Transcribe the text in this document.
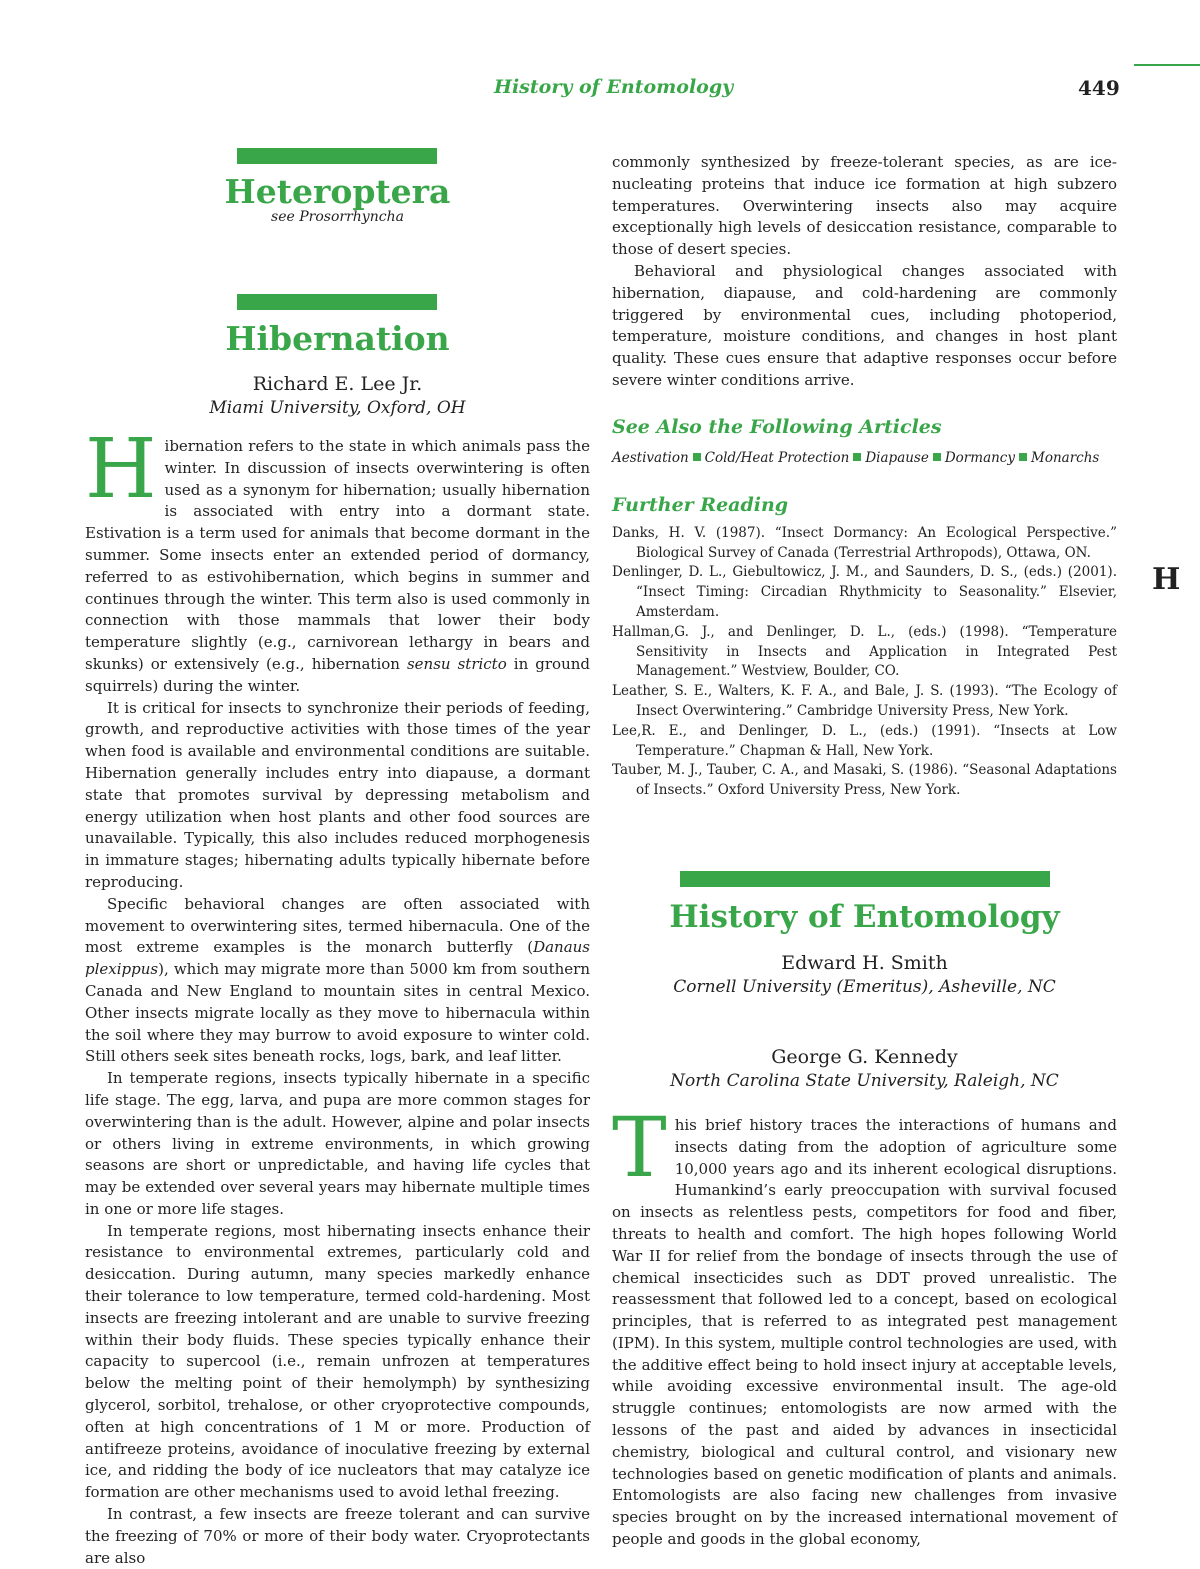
History of Entomology	449
H
Heteroptera
see Prosorrhyncha
Hibernation
Richard E. Lee Jr.
Miami University, Oxford, OH

Hibernation refers to the state in which animals pass the winter. In discussion of insects overwintering is often used as a synonym for hibernation; usually hibernation is associated with entry into a dormant state. Estivation is a term used for animals that become dormant in the summer. Some insects enter an extended period of dormancy, referred to as estivohibernation, which begins in summer and continues through the winter. This term also is used commonly in connection with those mammals that lower their body temperature slightly (e.g., carnivorean lethargy in bears and skunks) or extensively (e.g., hibernation sensu stricto in ground squirrels) during the winter.

It is critical for insects to synchronize their periods of feeding, growth, and reproductive activities with those times of the year when food is available and environmental conditions are suitable. Hibernation generally includes entry into diapause, a dormant state that promotes survival by depressing metabolism and energy utilization when host plants and other food sources are unavailable. Typically, this also includes reduced morphogenesis in immature stages; hibernating adults typically hibernate before reproducing.

Specific behavioral changes are often associated with movement to overwintering sites, termed hibernacula. One of the most extreme examples is the monarch butterfly (Danaus plexippus), which may migrate more than 5000 km from southern Canada and New England to mountain sites in central Mexico. Other insects migrate locally as they move to hibernacula within the soil where they may burrow to avoid exposure to winter cold. Still others seek sites beneath rocks, logs, bark, and leaf litter.

In temperate regions, insects typically hibernate in a specific life stage. The egg, larva, and pupa are more common stages for overwintering than is the adult. However, alpine and polar insects or others living in extreme environments, in which growing seasons are short or unpredictable, and having life cycles that may be extended over several years may hibernate multiple times in one or more life stages.

In temperate regions, most hibernating insects enhance their resistance to environmental extremes, particularly cold and desiccation. During autumn, many species markedly enhance their tolerance to low temperature, termed cold-hardening. Most insects are freezing intolerant and are unable to survive freezing within their body fluids. These species typically enhance their capacity to supercool (i.e., remain unfrozen at temperatures below the melting point of their hemolymph) by synthesizing glycerol, sorbitol, trehalose, or other cryoprotective compounds, often at high concentrations of 1 M or more. Production of antifreeze proteins, avoidance of inoculative freezing by external ice, and ridding the body of ice nucleators that may catalyze ice formation are other mechanisms used to avoid lethal freezing.

In contrast, a few insects are freeze tolerant and can survive the freezing of 70% or more of their body water. Cryoprotectants are also

commonly synthesized by freeze-tolerant species, as are ice-nucleating proteins that induce ice formation at high subzero temperatures. Overwintering insects also may acquire exceptionally high levels of desiccation resistance, comparable to those of desert species.

Behavioral and physiological changes associated with hibernation, diapause, and cold-hardening are commonly triggered by environmental cues, including photoperiod, temperature, moisture conditions, and changes in host plant quality. These cues ensure that adaptive responses occur before severe winter conditions arrive.

See Also the Following Articles
Aestivation Cold/Heat Protection Diapause Dormancy Monarchs
Further Reading

Danks, H. V. (1987). “Insect Dormancy: An Ecological Perspective.” Biological Survey of Canada (Terrestrial Arthropods), Ottawa, ON.

Denlinger, D. L., Giebultowicz, J. M., and Saunders, D. S., (eds.) (2001). “Insect Timing: Circadian Rhythmicity to Seasonality.” Elsevier, Amsterdam.

Hallman,G. J., and Denlinger, D. L., (eds.) (1998). “Temperature Sensitivity in Insects and Application in Integrated Pest Management.” Westview, Boulder, CO.

Leather, S. E., Walters, K. F. A., and Bale, J. S. (1993). “The Ecology of Insect Overwintering.” Cambridge University Press, New York.

Lee,R. E., and Denlinger, D. L., (eds.) (1991). “Insects at Low Temperature.” Chapman & Hall, New York.

Tauber, M. J., Tauber, C. A., and Masaki, S. (1986). “Seasonal Adaptations of Insects.” Oxford University Press, New York.

History of Entomology
Edward H. Smith
Cornell University (Emeritus), Asheville, NC
George G. Kennedy
North Carolina State University, Raleigh, NC

This brief history traces the interactions of humans and insects dating from the adoption of agriculture some 10,000 years ago and its inherent ecological disruptions. Humankind’s early preoccupation with survival focused on insects as relentless pests, competitors for food and fiber, threats to health and comfort. The high hopes following World War II for relief from the bondage of insects through the use of chemical insecticides such as DDT proved unrealistic. The reassessment that followed led to a concept, based on ecological principles, that is referred to as integrated pest management (IPM). In this system, multiple control technologies are used, with the additive effect being to hold insect injury at acceptable levels, while avoiding excessive environmental insult. The age-old struggle continues; entomologists are now armed with the lessons of the past and aided by advances in insecticidal chemistry, biological and cultural control, and visionary new technologies based on genetic modification of plants and animals. Entomologists are also facing new challenges from invasive species brought on by the increased international movement of people and goods in the global economy,
